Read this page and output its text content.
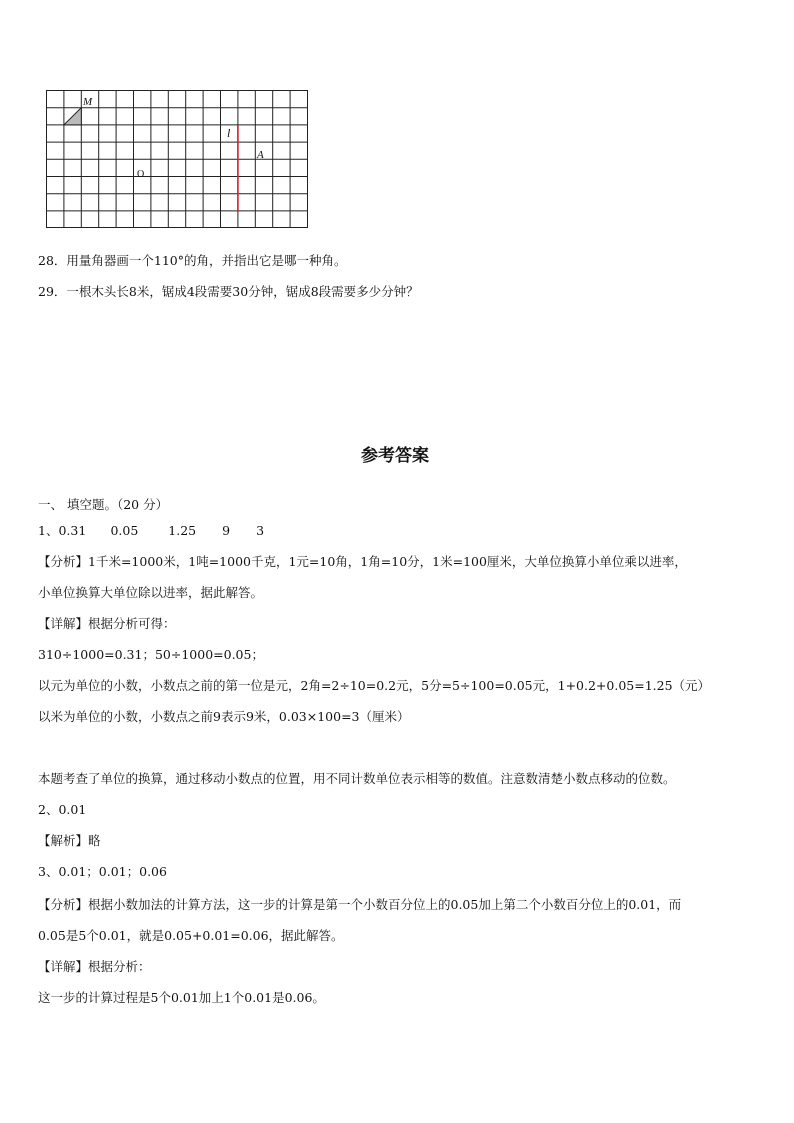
M
l
A
O
28．用量角器画一个110°的角，并指出它是哪一种角。
29．一根木头长8米，锯成4段需要30分钟，锯成8段需要多少分钟？
参考答案
一、 填空题。（20 分）
1、0.31 0.05 1.25 9 3
【分析】1千米=1000米，1吨=1000千克，1元=10角，1角=10分，1米=100厘米，大单位换算小单位乘以进率，
小单位换算大单位除以进率，据此解答。
【详解】根据分析可得：
310÷1000=0.31；50÷1000=0.05；
以元为单位的小数，小数点之前的第一位是元，2角=2÷10=0.2元，5分=5÷100=0.05元，1+0.2+0.05=1.25（元）
以米为单位的小数，小数点之前9表示9米，0.03×100=3（厘米）
本题考查了单位的换算，通过移动小数点的位置，用不同计数单位表示相等的数值。注意数清楚小数点移动的位数。
2、0.01
【解析】略
3、0.01；0.01；0.06
【分析】根据小数加法的计算方法，这一步的计算是第一个小数百分位上的0.05加上第二个小数百分位上的0.01，而
0.05是5个0.01，就是0.05+0.01=0.06，据此解答。
【详解】根据分析：
这一步的计算过程是5个0.01加上1个0.01是0.06。
